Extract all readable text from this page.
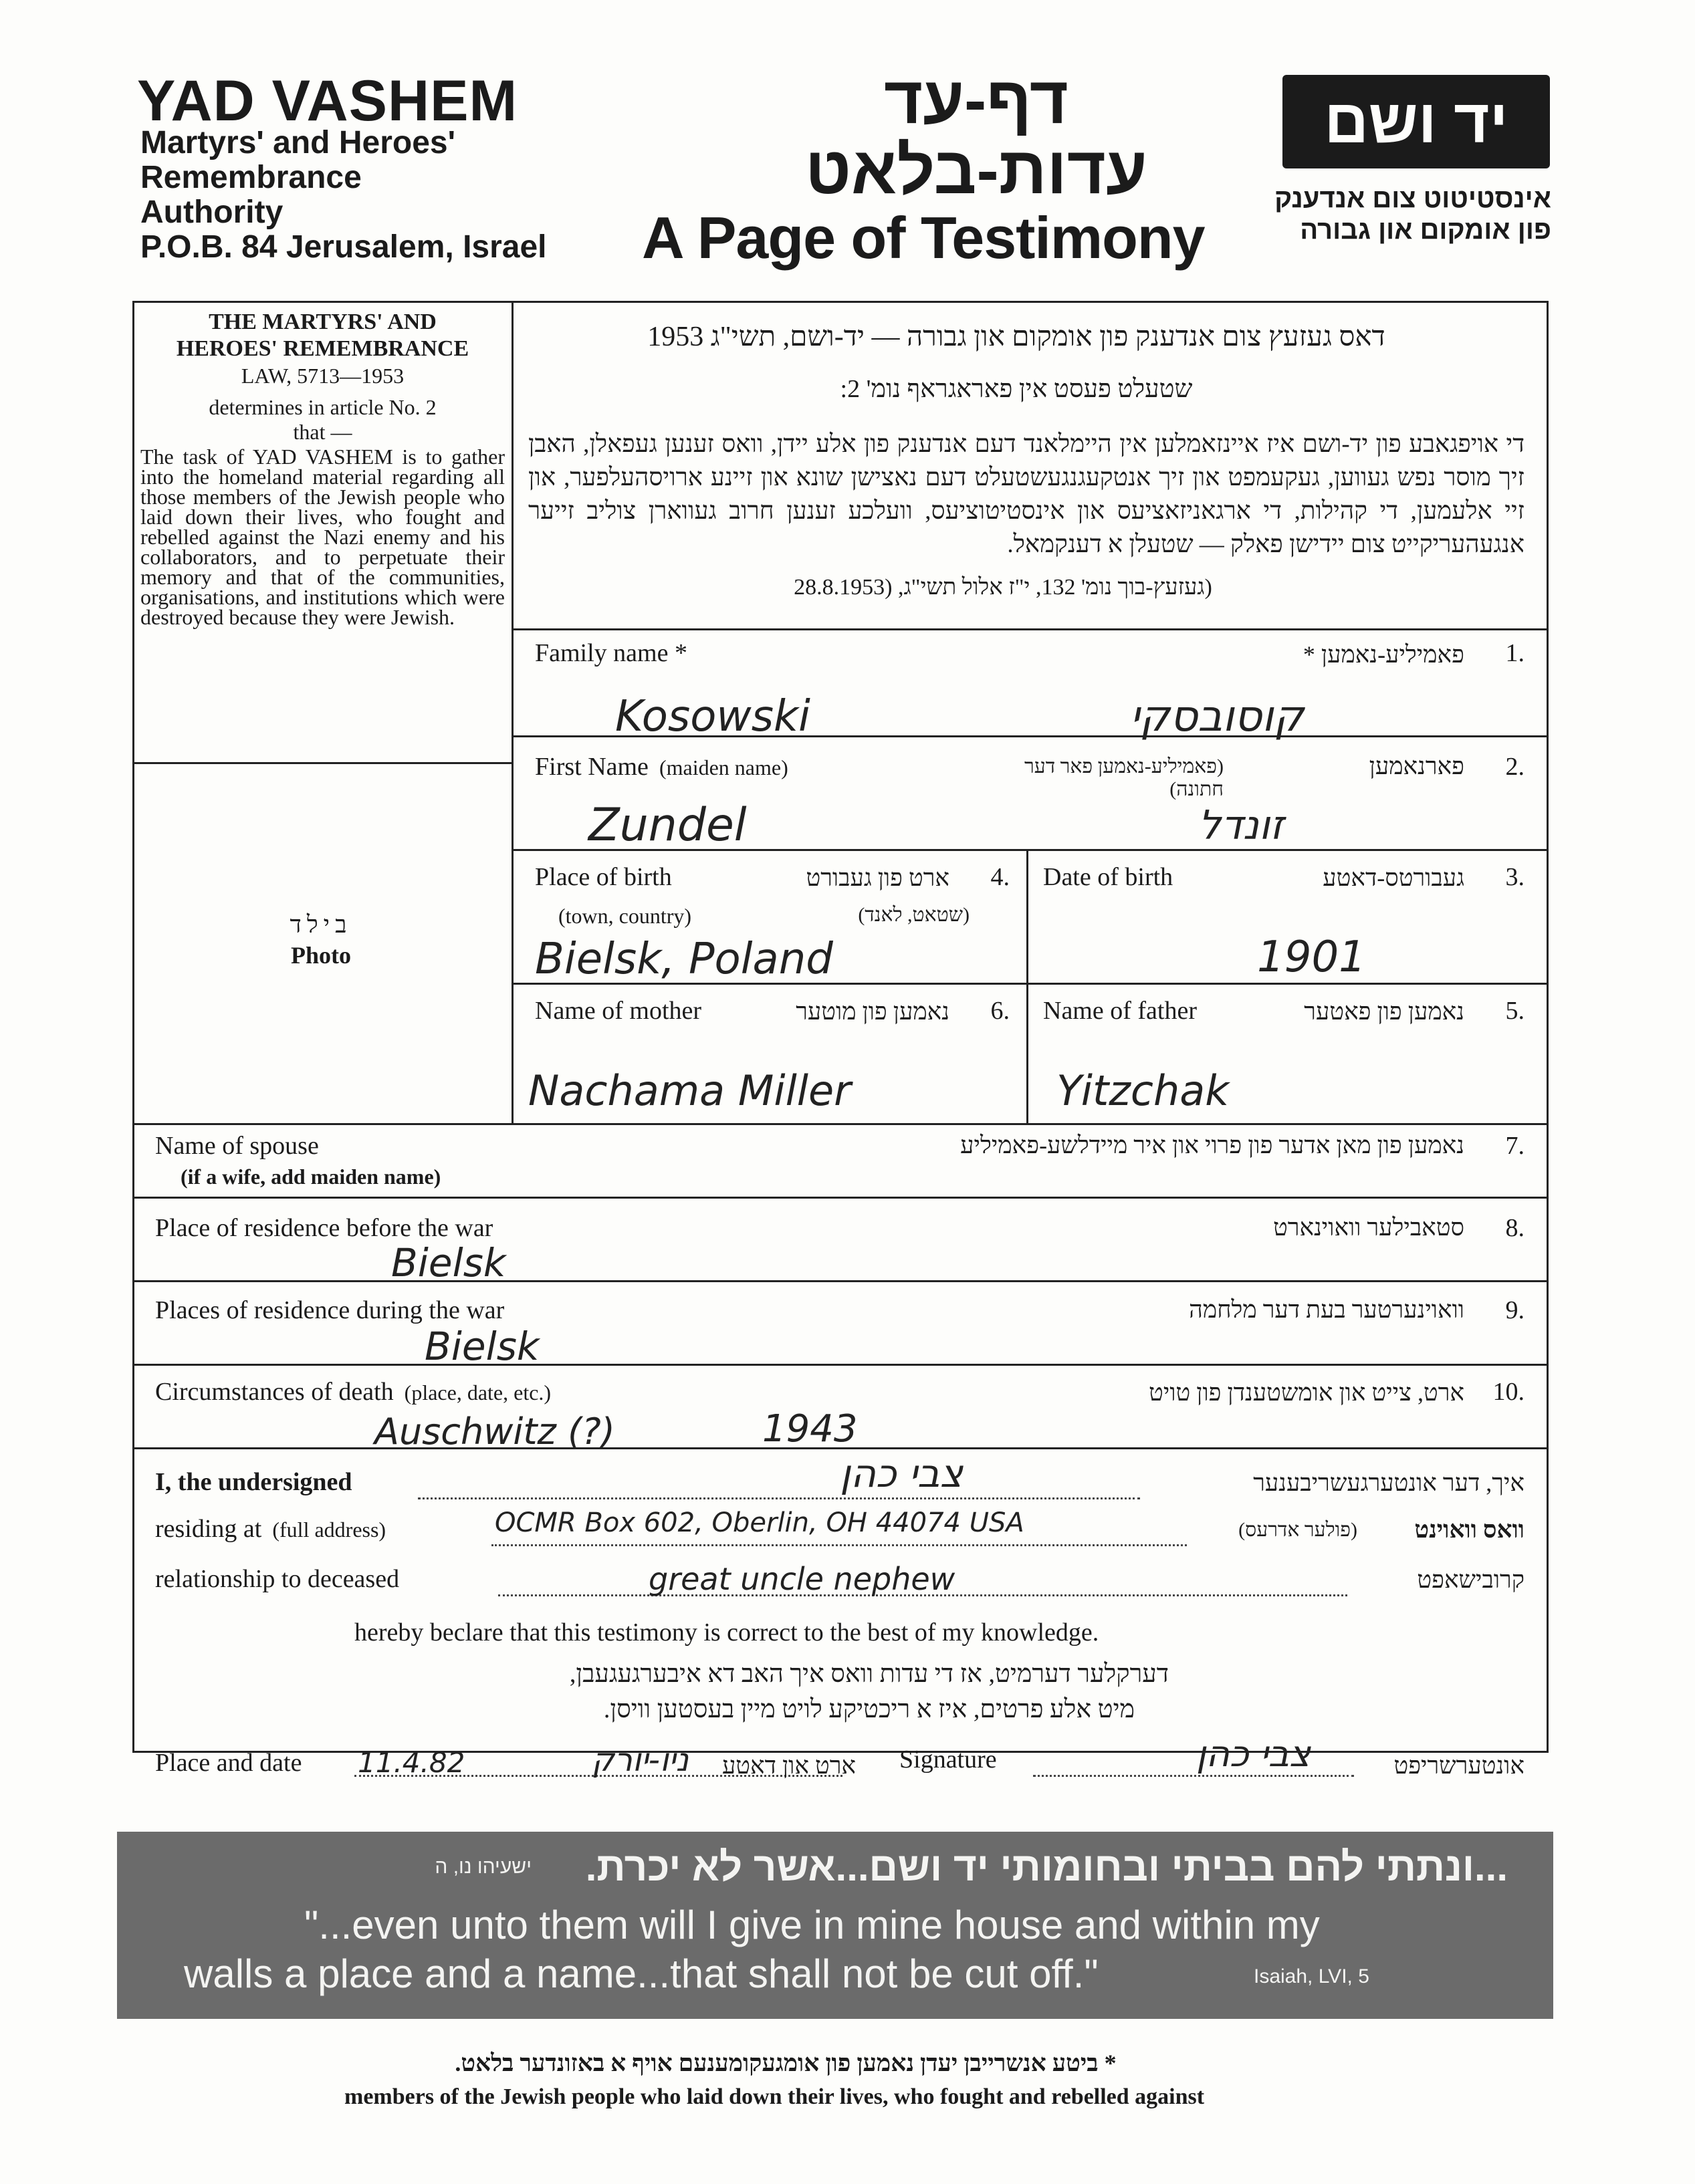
YAD VASHEM
Martyrs' and Heroes'
Remembrance
Authority
P.O.B. 84 Jerusalem, Israel
דף-עד
עדות-בלאט
A Page of Testimony
יד ושם
אינסטיטוט צום אנדענק
פון אומקום און גבורה
THE MARTYRS' AND
HEROES' REMEMBRANCE
LAW, 5713—1953
determines in article No. 2
that —
The task of YAD VASHEM is to gather into the homeland material regarding all those members of the Jewish people who laid down their lives, who fought and rebelled against the Nazi enemy and his collaborators, and to perpetuate their memory and that of the communities, organisations, and institutions which were destroyed because they were Jewish.
בילד
Photo
דאס געזעץ צום אנדענק פון אומקום און גבורה — יד-ושם, תשי"ג 1953
שטעלט פעסט אין פאראגראף נומ' 2:
די אויפגאבע פון יד-ושם איז איינזאמלען אין היימלאנד דעם אנדענק פון אלע יידן, וואס זענען געפאלן, האבן זיך מוסר נפש געווען, געקעמפט און זיך אנטקעגנגעשטעלט דעם נאצישן שונא און זיינע ארויסהעלפער, און זיי אלעמען, די קהילות, די ארגאניזאציעס און אינסטיטוציעס, וועלכע זענען חרוב געווארן צוליב זייער אנגעהעריקייט צום יידישן פאלק — שטעלן א דענקמאל.
(געזעץ-בוך נומ' 132, י"ז אלול תשי"ג, (28.8.1953
Family name *	פאמיליע-נאמען *	1.
Kosowski	קוסובסקי
First Name (maiden name)	(פאמיליע-נאמען פאר דער חתונה)
פארנאמען	2.
Zundel	זונדל
Place of birth	ארט פון געבורט	4.
(town, country)	(שטאט, לאנד)
Bielsk, Poland
Date of birth	געבורטס-דאטע	3.
1901
Name of mother	נאמען פון מוטער	6.
Nachama Miller
Name of father	נאמען פון פאטער	5.
Yitzchak
Name of spouse
(if a wife, add maiden name)
נאמען פון מאן אדער פון פרוי און איר מיידלשע-פאמיליע	7.
Place of residence before the war	סטאבילער וואוינארט	8.
Bielsk
Places of residence during the war	וואוינערטער בעת דער מלחמה	9.
Bielsk
Circumstances of death (place, date, etc.)	ארט, צייט און אומשטענדן פון טויט	10.
Auschwitz (?)	1943
I, the undersigned	צבי כהן	איך, דער אונטערגעשריבענער
residing at (full address)	OCMR Box 602, Oberlin, OH 44074 USA	(פולער אדרעס)	וואס וואוינט
relationship to deceased	great uncle nephew	קרובישאפט
hereby beclare that this testimony is correct to the best of my knowledge.
דערקלער דערמיט, אז די עדות וואס איך האב דא איבערגעגעבן,
מיט אלע פרטים, איז א ריכטיקע לויט מיין בעסטען וויסן.
Place and date 11.4.82	ניו-יורק	ארט און דאטע Signature	צבי כהן	אונטערשריפט
...ונתתי להם בביתי ובחומותי יד ושם...אשר לא יכרת.
ישעיהו נו, ה
"...even unto them will I give in mine house and within my
walls a place and a name...that shall not be cut off."	Isaiah, LVI, 5
* ביטע אנשרייבן יעדן נאמען פון אומגעקומענעם אויף א באזונדער בלאט.
members of the Jewish people who laid down their lives, who fought and rebelled against
